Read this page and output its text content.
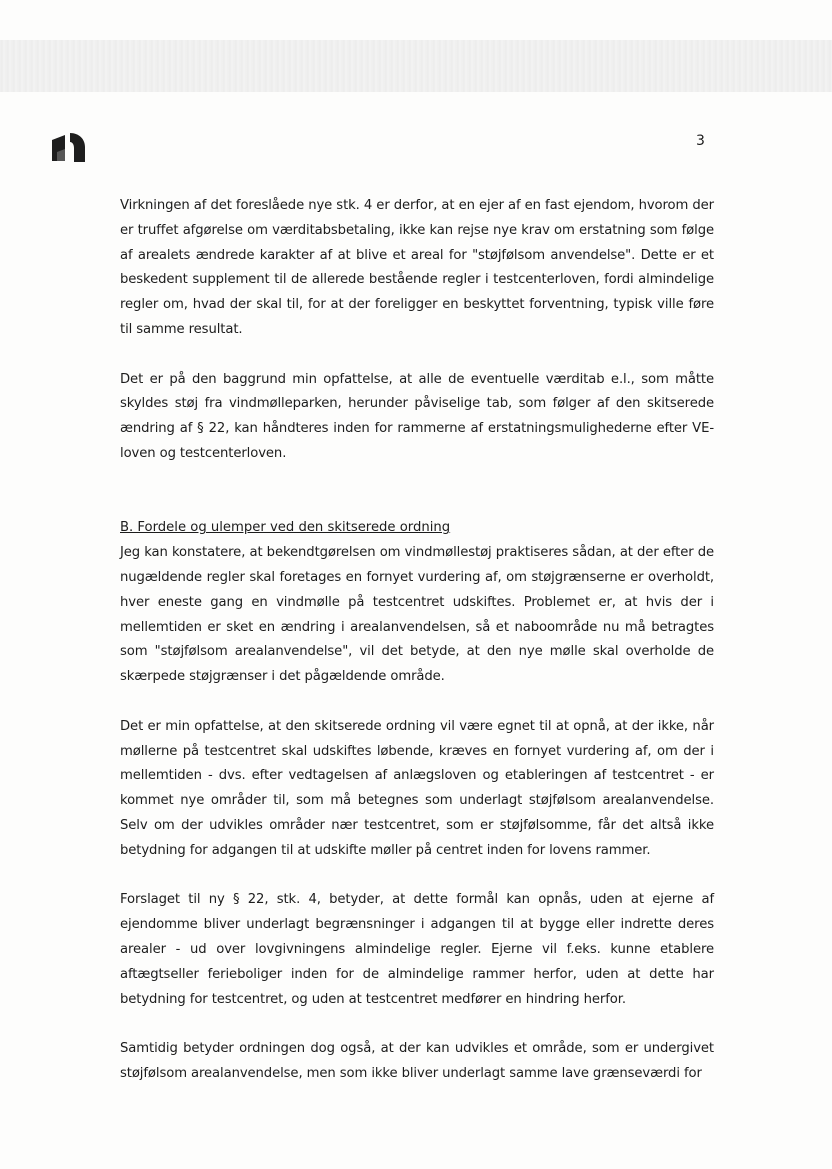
3

Virkningen af det foreslåede nye stk. 4 er derfor, at en ejer af en fast ejendom, hvorom der er truffet afgørelse om værditabsbetaling, ikke kan rejse nye krav om erstatning som følge af arealets ændrede karakter af at blive et areal for "støjfølsom anvendelse". Dette er et beskedent supplement til de allerede bestående regler i testcenterloven, fordi almindelige regler om, hvad der skal til, for at der foreligger en beskyttet forventning, typisk ville føre til samme resultat.

Det er på den baggrund min opfattelse, at alle de eventuelle værditab e.l., som måtte skyldes støj fra vindmølleparken, herunder påviselige tab, som følger af den skitserede ændring af § 22, kan håndteres inden for rammerne af erstatningsmulighederne efter VE-loven og testcenterloven.

B. Fordele og ulemper ved den skitserede ordning

Jeg kan konstatere, at bekendtgørelsen om vindmøllestøj praktiseres sådan, at der efter de nugældende regler skal foretages en fornyet vurdering af, om støjgrænserne er overholdt, hver eneste gang en vindmølle på testcentret udskiftes. Problemet er, at hvis der i mellemtiden er sket en ændring i arealanvendelsen, så et naboområde nu må betragtes som "støjfølsom arealanvendelse", vil det betyde, at den nye mølle skal overholde de skærpede støjgrænser i det pågældende område.

Det er min opfattelse, at den skitserede ordning vil være egnet til at opnå, at der ikke, når møllerne på testcentret skal udskiftes løbende, kræves en fornyet vurdering af, om der i mellemtiden - dvs. efter vedtagelsen af anlægsloven og etableringen af testcentret - er kommet nye områder til, som må betegnes som underlagt støjfølsom arealanvendelse. Selv om der udvikles områder nær testcentret, som er støjfølsomme, får det altså ikke betydning for adgangen til at udskifte møller på centret inden for lovens rammer.

Forslaget til ny § 22, stk. 4, betyder, at dette formål kan opnås, uden at ejerne af ejendomme bliver underlagt begrænsninger i adgangen til at bygge eller indrette deres arealer - ud over lovgivningens almindelige regler. Ejerne vil f.eks. kunne etablere aftægtseller ferieboliger inden for de almindelige rammer herfor, uden at dette har betydning for testcentret, og uden at testcentret medfører en hindring herfor.

Samtidig betyder ordningen dog også, at der kan udvikles et område, som er undergivet støjfølsom arealanvendelse, men som ikke bliver underlagt samme lave grænseværdi for
